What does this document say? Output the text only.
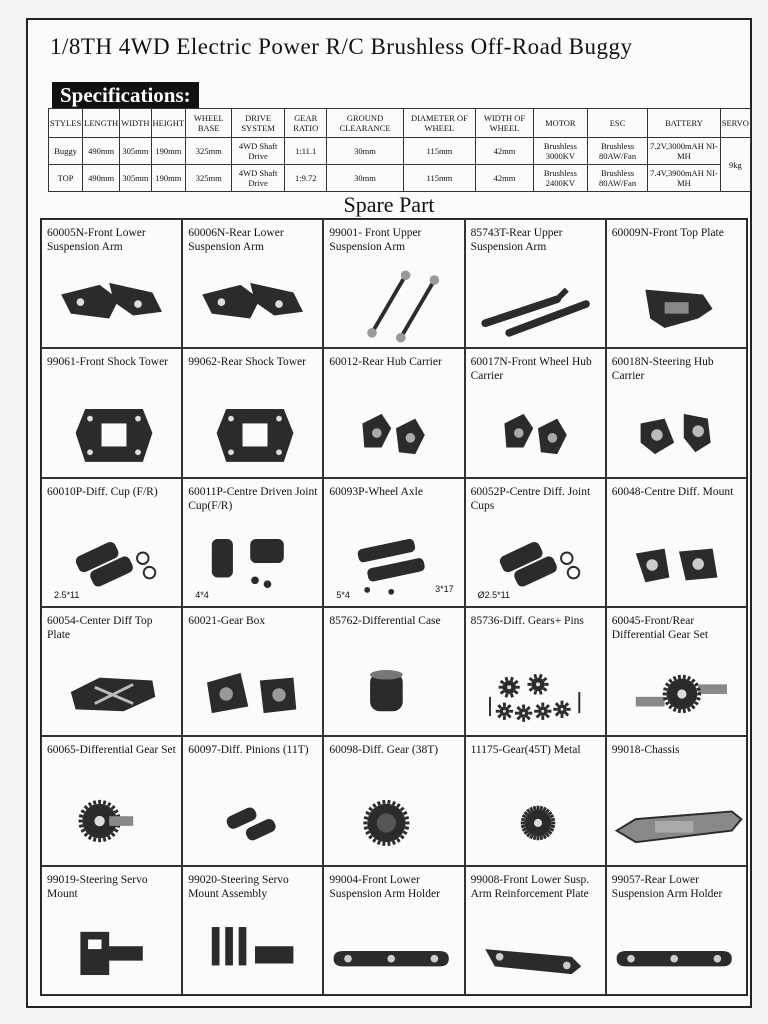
1/8TH 4WD Electric Power R/C Brushless Off-Road Buggy
Specifications:
STYLES	LENGTH	WIDTH	HEIGHT	WHEEL BASE	DRIVE SYSTEM	GEAR RATIO	GROUND CLEARANCE	DIAMETER OF WHEEL	WIDTH OF WHEEL	MOTOR	ESC	BATTERY	SERVO
Buggy	490mm	305mm	190mm	325mm	4WD Shaft Drive	1:11.1	30mm	115mm	42mm	Brushless 3000KV	Brushless 80AW/Fan	7.2V,3000mAH NI-MH	9kg
TOP	490mm	305mm	190mm	325mm	4WD Shaft Drive	1:9.72	30mm	115mm	42mm	Brushless 2400KV	Brushless 80AW/Fan	7.4V,3900mAH NI-MH	
Spare Part
60005N-Front Lower Suspension Arm
60006N-Rear Lower Suspension Arm
99001- Front Upper Suspension Arm
85743T-Rear Upper Suspension Arm
60009N-Front Top Plate
99061-Front Shock Tower	99062-Rear Shock Tower	60012-Rear Hub Carrier	60017N-Front Wheel Hub Carrier
60018N-Steering Hub Carrier
60010P-Diff. Cup (F/R)
2.5*11
60011P-Centre Driven Joint Cup(F/R)
4*4
60093P-Wheel Axle
5*4
3*17
60052P-Centre Diff. Joint Cups
Ø2.5*11
60048-Centre Diff. Mount
60054-Center Diff Top Plate
60021-Gear Box	85762-Differential Case	85736-Diff. Gears+ Pins	60045-Front/Rear Differential Gear Set
60065-Differential Gear Set 60097-Diff. Pinions (11T)	60098-Diff. Gear (38T)	11175-Gear(45T) Metal	99018-Chassis
99019-Steering Servo Mount
99020-Steering Servo Mount Assembly
99004-Front Lower Suspension Arm Holder
99008-Front Lower Susp. Arm Reinforcement Plate
99057-Rear Lower Suspension Arm Holder
